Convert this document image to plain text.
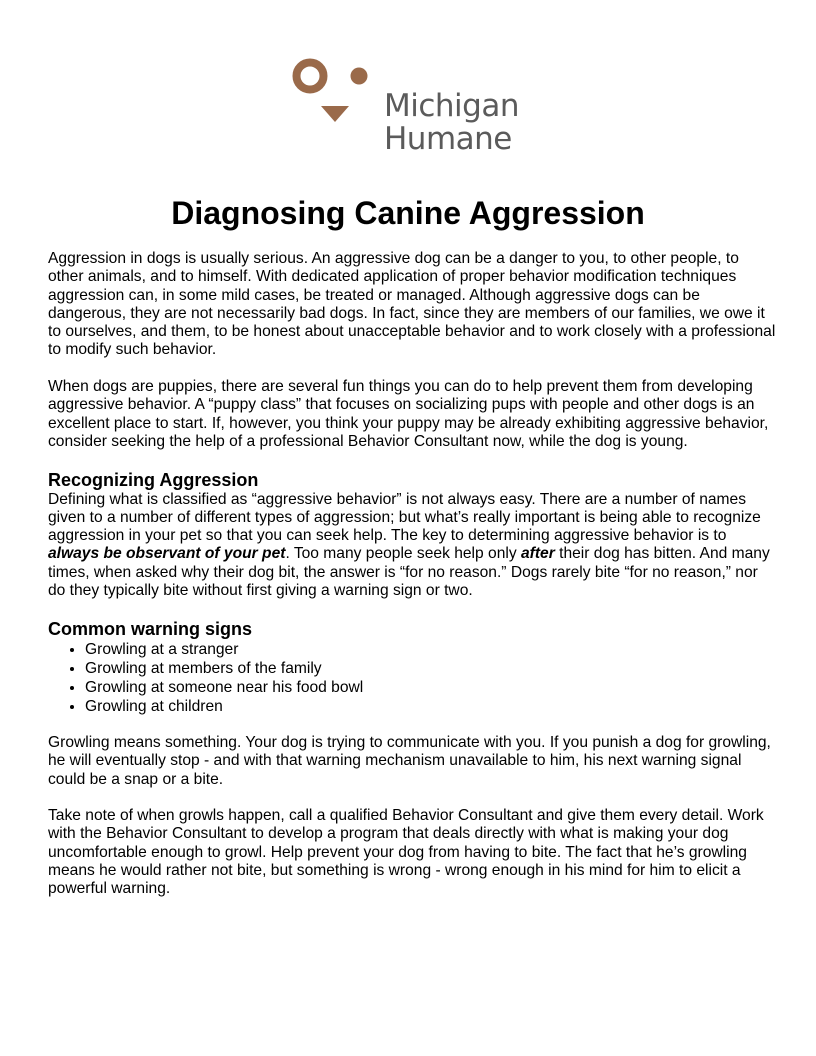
Michigan
Humane
Diagnosing Canine Aggression

Aggression in dogs is usually serious. An aggressive dog can be a danger to you, to other people, to other animals, and to himself. With dedicated application of proper behavior modification techniques aggression can, in some mild cases, be treated or managed. Although aggressive dogs can be dangerous, they are not necessarily bad dogs. In fact, since they are members of our families, we owe it to ourselves, and them, to be honest about unacceptable behavior and to work closely with a professional to modify such behavior.

When dogs are puppies, there are several fun things you can do to help prevent them from developing aggressive behavior. A “puppy class” that focuses on socializing pups with people and other dogs is an excellent place to start. If, however, you think your puppy may be already exhibiting aggressive behavior, consider seeking the help of a professional Behavior Consultant now, while the dog is young.

Recognizing Aggression

Defining what is classified as “aggressive behavior” is not always easy. There are a number of names given to a number of different types of aggression; but what’s really important is being able to recognize aggression in your pet so that you can seek help. The key to determining aggressive behavior is to always be observant of your pet. Too many people seek help only after their dog has bitten. And many times, when asked why their dog bit, the answer is “for no reason.” Dogs rarely bite “for no reason,” nor do they typically bite without first giving a warning sign or two.

Common warning signs
• Growling at a stranger
• Growling at members of the family
• Growling at someone near his food bowl
• Growling at children

Growling means something. Your dog is trying to communicate with you. If you punish a dog for growling, he will eventually stop - and with that warning mechanism unavailable to him, his next warning signal could be a snap or a bite.

Take note of when growls happen, call a qualified Behavior Consultant and give them every detail. Work with the Behavior Consultant to develop a program that deals directly with what is making your dog uncomfortable enough to growl. Help prevent your dog from having to bite. The fact that he’s growling means he would rather not bite, but something is wrong - wrong enough in his mind for him to elicit a powerful warning.
